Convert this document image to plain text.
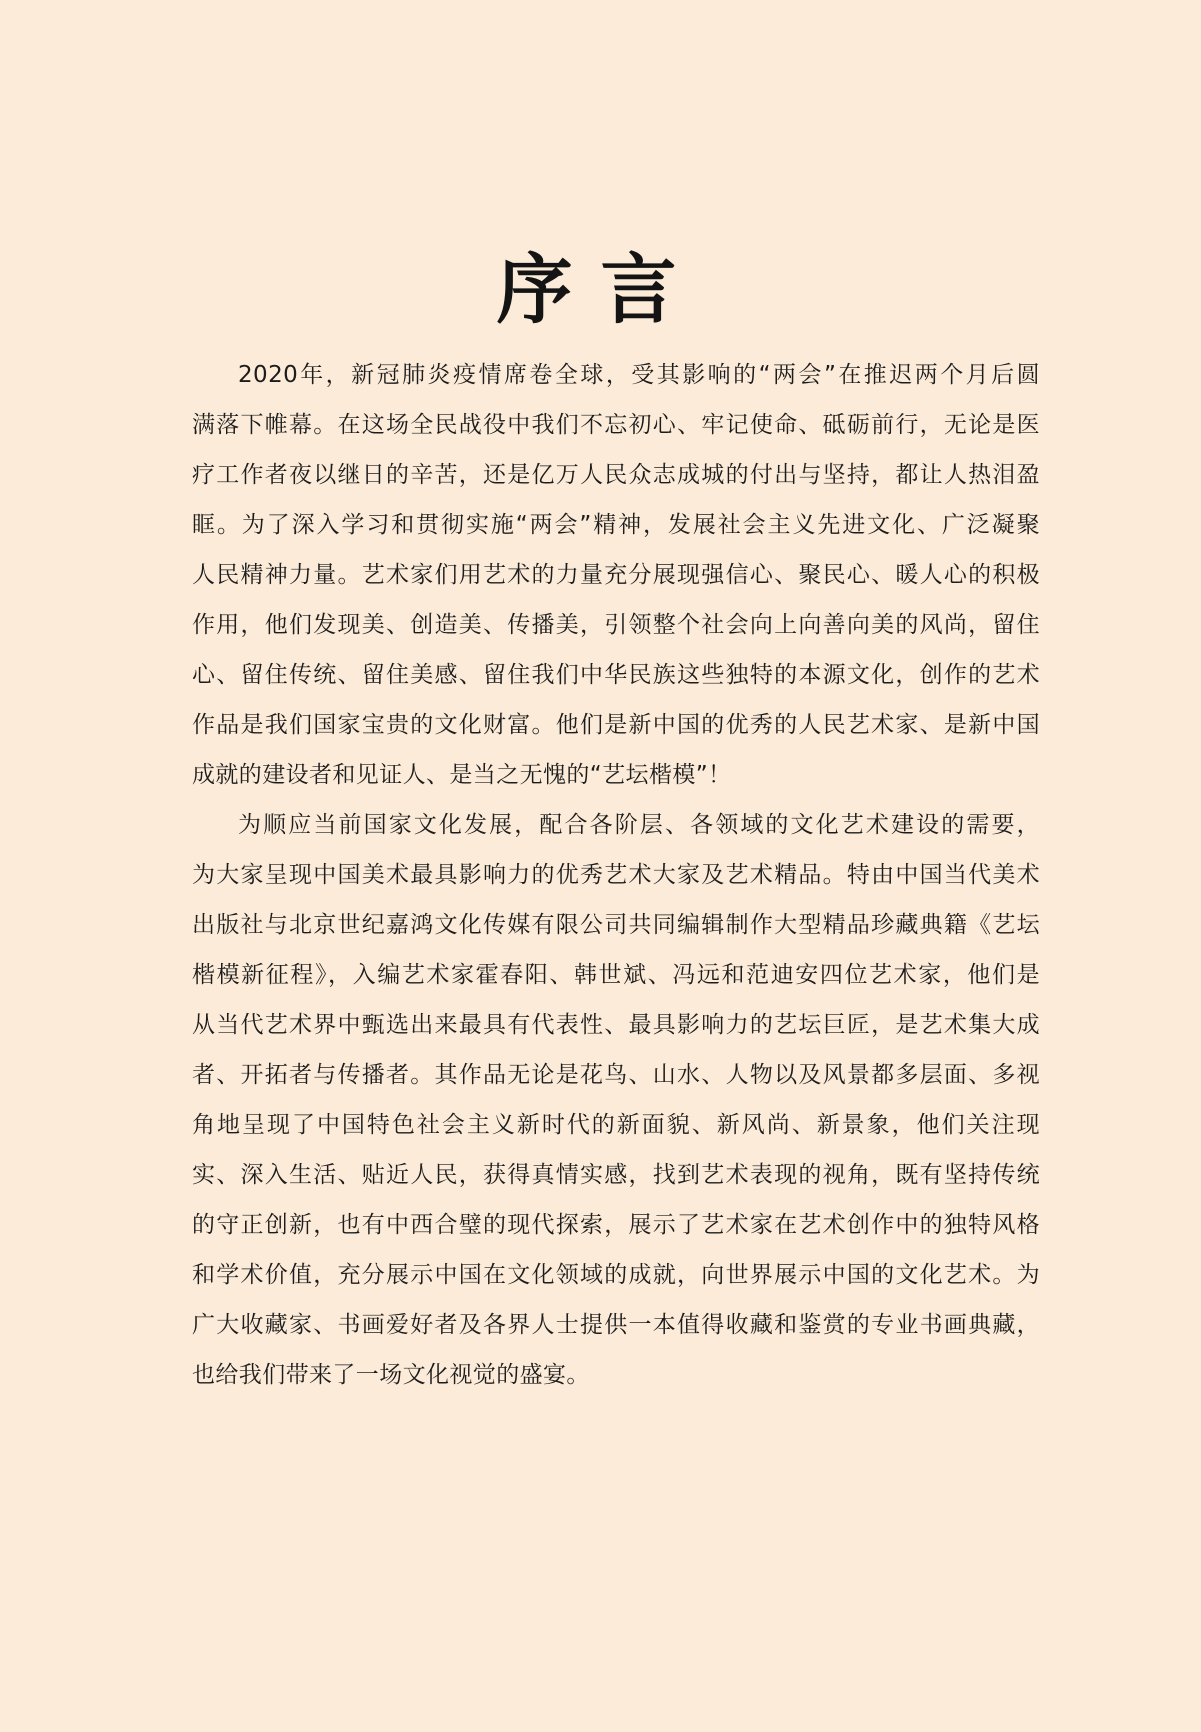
序言
2020年，新冠肺炎疫情席卷全球，受其影响的“两会”在推迟两个月后圆
满落下帷幕。在这场全民战役中我们不忘初心、牢记使命、砥砺前行，无论是医
疗工作者夜以继日的辛苦，还是亿万人民众志成城的付出与坚持，都让人热泪盈
眶。为了深入学习和贯彻实施“两会”精神，发展社会主义先进文化、广泛凝聚
人民精神力量。艺术家们用艺术的力量充分展现强信心、聚民心、暖人心的积极
作用，他们发现美、创造美、传播美，引领整个社会向上向善向美的风尚，留住
心、留住传统、留住美感、留住我们中华民族这些独特的本源文化，创作的艺术
作品是我们国家宝贵的文化财富。他们是新中国的优秀的人民艺术家、是新中国
成就的建设者和见证人、是当之无愧的“艺坛楷模”！
为顺应当前国家文化发展，配合各阶层、各领域的文化艺术建设的需要，
为大家呈现中国美术最具影响力的优秀艺术大家及艺术精品。特由中国当代美术
出版社与北京世纪嘉鸿文化传媒有限公司共同编辑制作大型精品珍藏典籍《艺坛
楷模新征程》，入编艺术家霍春阳、韩世斌、冯远和范迪安四位艺术家，他们是
从当代艺术界中甄选出来最具有代表性、最具影响力的艺坛巨匠，是艺术集大成
者、开拓者与传播者。其作品无论是花鸟、山水、人物以及风景都多层面、多视
角地呈现了中国特色社会主义新时代的新面貌、新风尚、新景象，他们关注现
实、深入生活、贴近人民，获得真情实感，找到艺术表现的视角，既有坚持传统
的守正创新，也有中西合璧的现代探索，展示了艺术家在艺术创作中的独特风格
和学术价值，充分展示中国在文化领域的成就，向世界展示中国的文化艺术。为
广大收藏家、书画爱好者及各界人士提供一本值得收藏和鉴赏的专业书画典藏，
也给我们带来了一场文化视觉的盛宴。
